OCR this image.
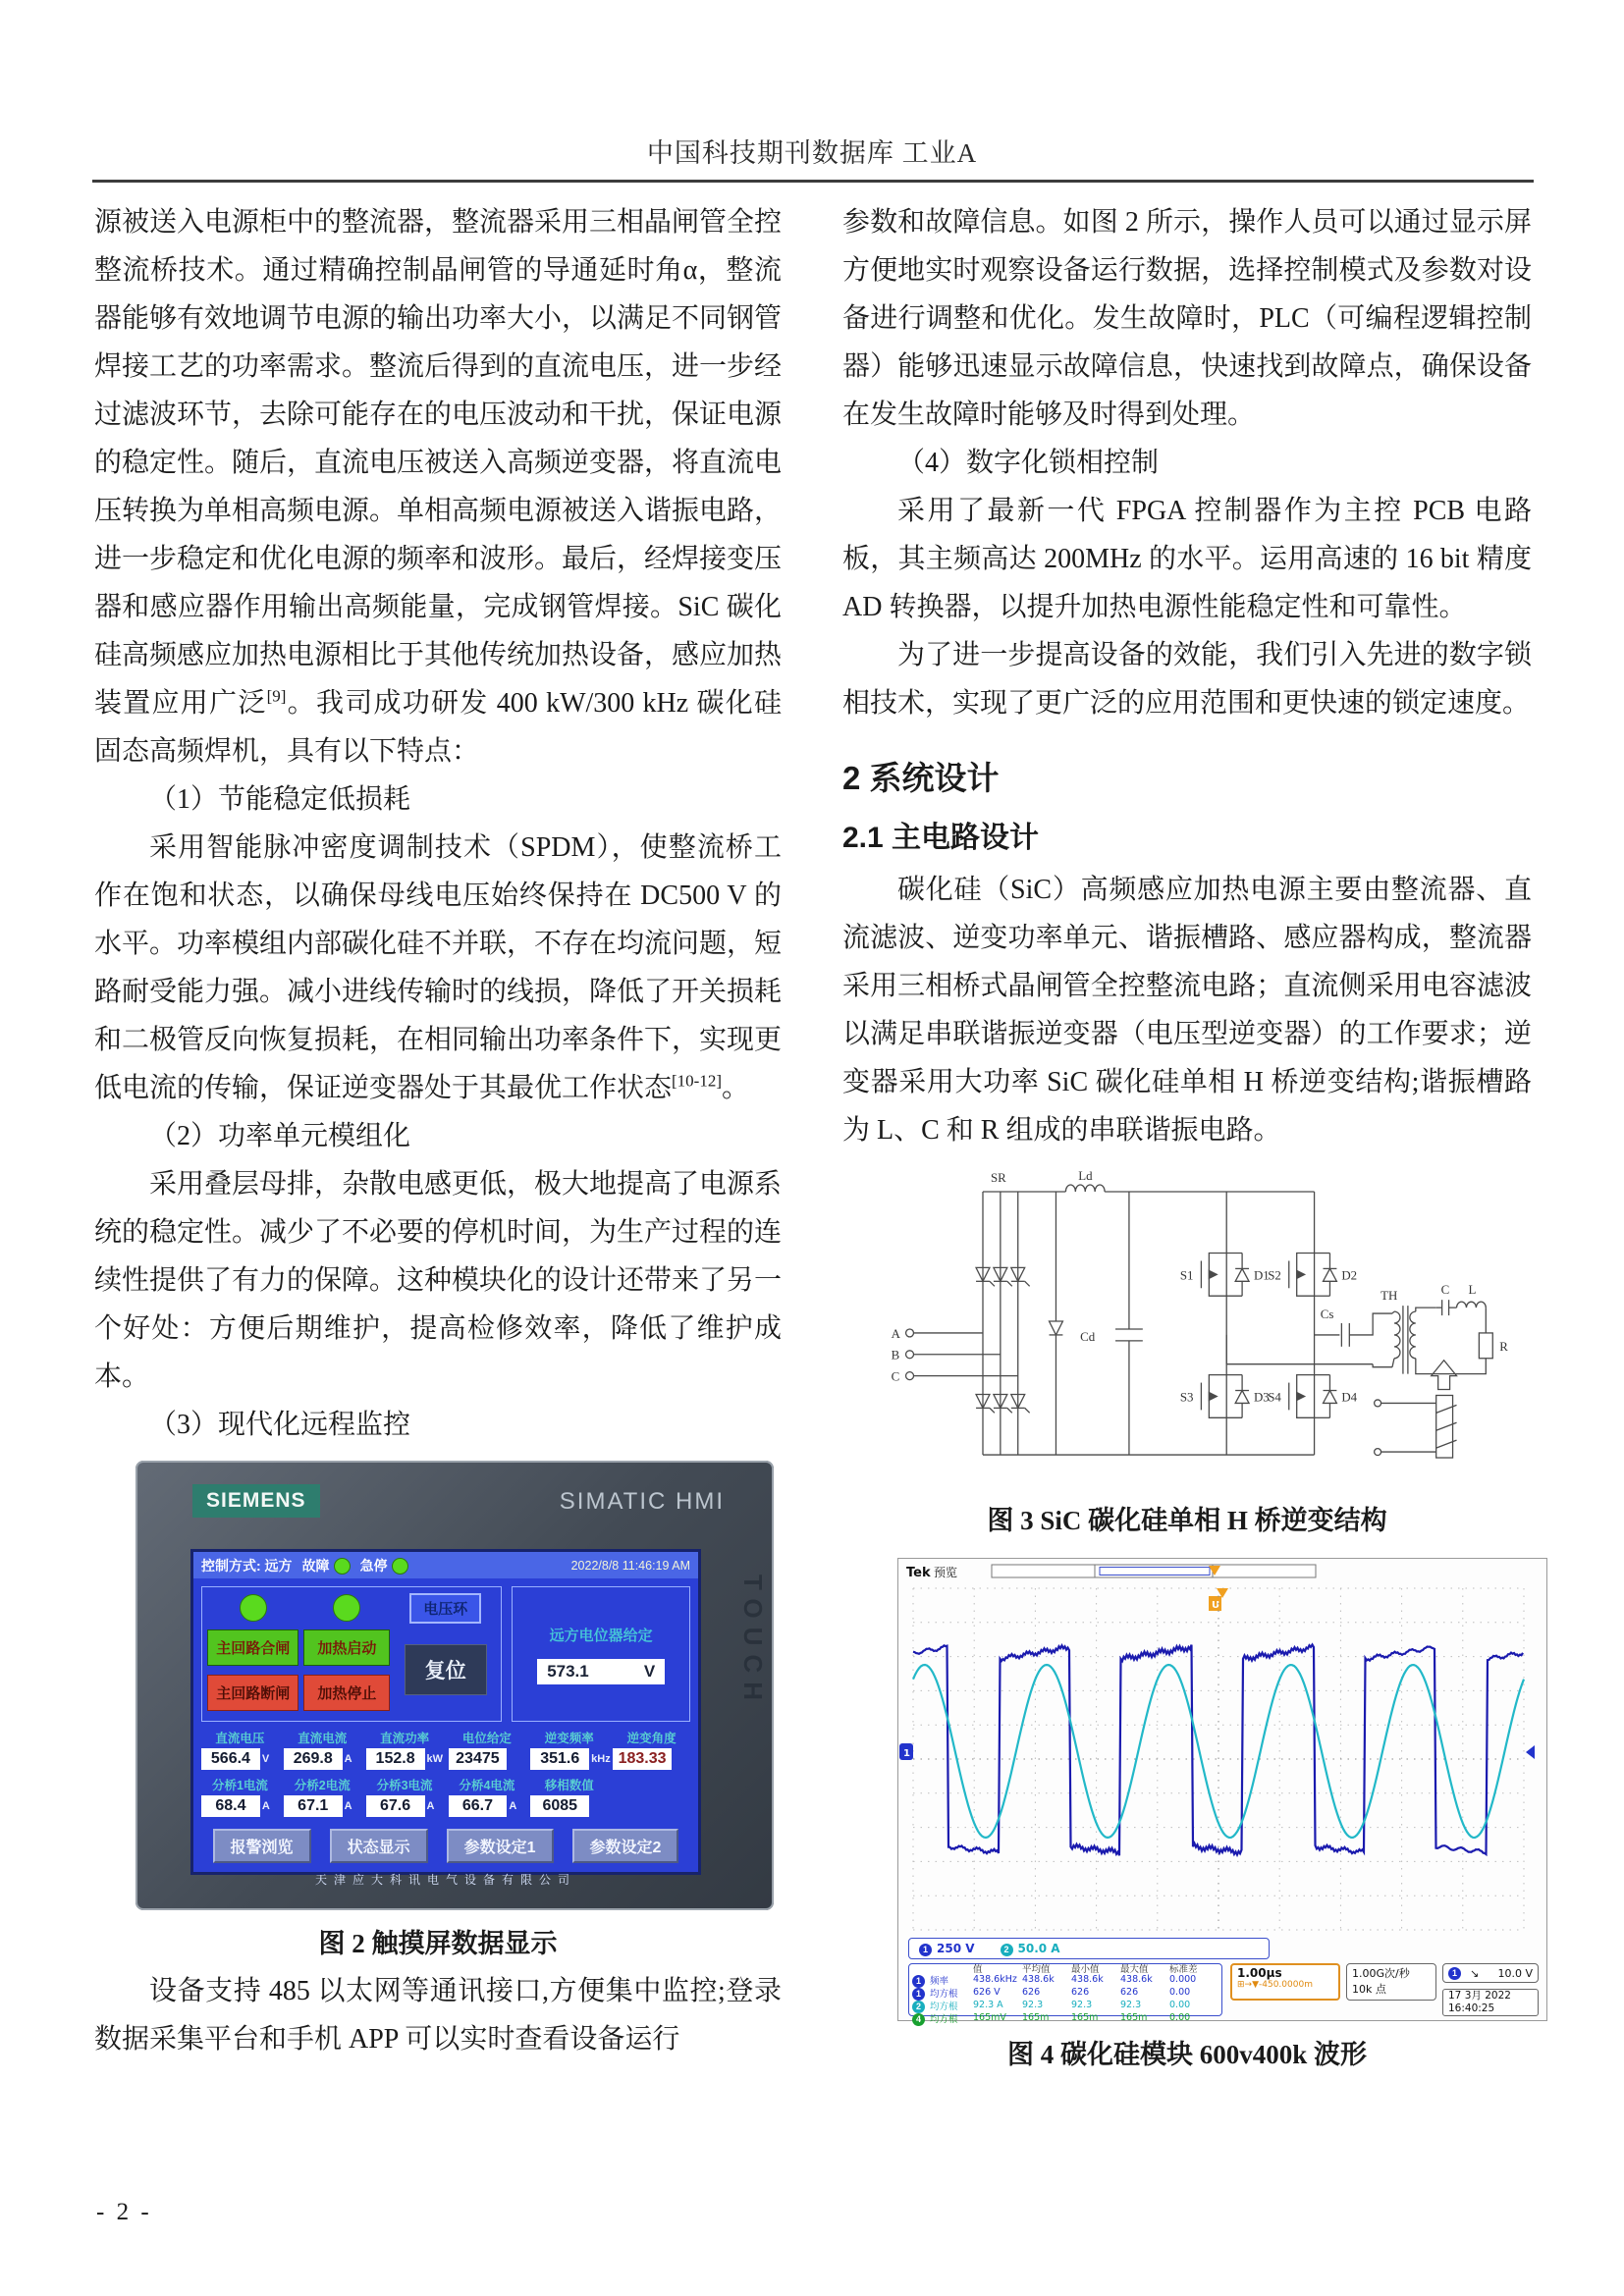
中国科技期刊数据库 工业A

源被送入电源柜中的整流器，整流器采用三相晶闸管全控整流桥技术。通过精确控制晶闸管的导通延时角α，整流器能够有效地调节电源的输出功率大小，以满足不同钢管焊接工艺的功率需求。整流后得到的直流电压，进一步经过滤波环节，去除可能存在的电压波动和干扰，保证电源的稳定性。随后，直流电压被送入高频逆变器，将直流电压转换为单相高频电源。单相高频电源被送入谐振电路，进一步稳定和优化电源的频率和波形。最后，经焊接变压器和感应器作用输出高频能量，完成钢管焊接。SiC 碳化硅高频感应加热电源相比于其他传统加热设备，感应加热装置应用广泛[9]。我司成功研发 400 kW/300 kHz 碳化硅固态高频焊机，具有以下特点：

（1）节能稳定低损耗

采用智能脉冲密度调制技术（SPDM），使整流桥工作在饱和状态，以确保母线电压始终保持在 DC500 V 的水平。功率模组内部碳化硅不并联，不存在均流问题，短路耐受能力强。减小进线传输时的线损，降低了开关损耗和二极管反向恢复损耗，在相同输出功率条件下，实现更低电流的传输，保证逆变器处于其最优工作状态[10-12]。

（2）功率单元模组化

采用叠层母排，杂散电感更低，极大地提高了电源系统的稳定性。减少了不必要的停机时间，为生产过程的连续性提供了有力的保障。这种模块化的设计还带来了另一个好处：方便后期维护，提高检修效率，降低了维护成本。

（3）现代化远程监控

SIEMENS	SIMATIC HMI
TOUCH
控制方式: 远方 故障	急停	2022/8/8 11:46:19 AM
电压环
主回路合闸	加热启动
复位
主回路断闸	加热停止
远方电位器给定
573.1	V
直流电压
566.4	V
直流电流
269.8	A
直流功率
152.8	kW
电位给定
23475
逆变频率
351.6	kHz
逆变角度
183.33
分桥1电流
68.4	A
分桥2电流
67.1	A
分桥3电流
67.6	A
分桥4电流
66.7	A
移相数值
6085
报警浏览	状态显示	参数设定1	参数设定2
天津应大科讯电气设备有限公司

图 2 触摸屏数据显示

设备支持 485 以太网等通讯接口,方便集中监控;登录数据采集平台和手机 APP 可以实时查看设备运行

参数和故障信息。如图 2 所示，操作人员可以通过显示屏方便地实时观察设备运行数据，选择控制模式及参数对设备进行调整和优化。发生故障时，PLC（可编程逻辑控制器）能够迅速显示故障信息，快速找到故障点，确保设备在发生故障时能够及时得到处理。

（4）数字化锁相控制

采用了最新一代 FPGA 控制器作为主控 PCB 电路板，其主频高达 200MHz 的水平。运用高速的 16 bit 精度 AD 转换器，以提升加热电源性能稳定性和可靠性。

为了进一步提高设备的效能，我们引入先进的数字锁相技术，实现了更广泛的应用范围和更快速的锁定速度。

2 系统设计
2.1 主电路设计

碳化硅（SiC）高频感应加热电源主要由整流器、直流滤波、逆变功率单元、谐振槽路、感应器构成，整流器采用三相桥式晶闸管全控整流电路；直流侧采用电容滤波以满足串联谐振逆变器（电压型逆变器）的工作要求；逆变器采用大功率 SiC 碳化硅单相 H 桥逆变结构;谐振槽路为 L、C 和 R 组成的串联谐振电路。

SR	Ld
A
B
C
Cd
Cs
S1	D1
S2	D2
S3	D3
S4	D4
TH	C L
R

图 3 SiC 碳化硅单相 H 桥逆变结构

Tek 预览
U
1
1 250 V	2 50.0 A
值	平均值	最小值	最大值	标准差
1 频率	438.6kHz 438.6k	438.6k	438.6k	0.000
1 均方根	626 V	626	626	626	0.00
2 均方根	92.3 A	92.3	92.3	92.3	0.00
4 均方根	165mV	165m	165m	165m	0.00
1.00μs
⊞→▼-450.0000m
1.00G次/秒
10k 点
1	↘ 10.0 V
17 3月 2022
16:40:25

图 4 碳化硅模块 600v400k 波形

- 2 -
